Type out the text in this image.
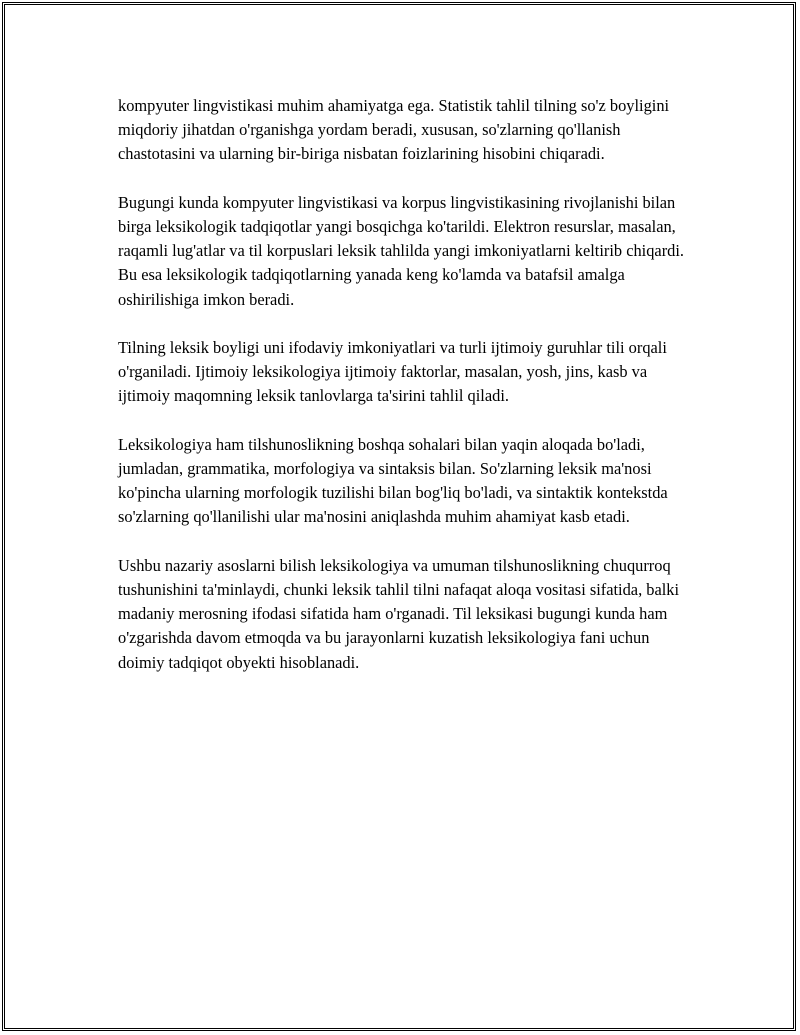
kompyuter lingvistikasi muhim ahamiyatga ega. Statistik tahlil tilning so'z boyligini miqdoriy jihatdan o'rganishga yordam beradi, xususan, so'zlarning qo'llanish chastotasini va ularning bir-biriga nisbatan foizlarining hisobini chiqaradi.

Bugungi kunda kompyuter lingvistikasi va korpus lingvistikasining rivojlanishi bilan birga leksikologik tadqiqotlar yangi bosqichga ko'tarildi. Elektron resurslar, masalan, raqamli lug'atlar va til korpuslari leksik tahlilda yangi imkoniyatlarni keltirib chiqardi. Bu esa leksikologik tadqiqotlarning yanada keng ko'lamda va batafsil amalga oshirilishiga imkon beradi.

Tilning leksik boyligi uni ifodaviy imkoniyatlari va turli ijtimoiy guruhlar tili orqali o'rganiladi. Ijtimoiy leksikologiya ijtimoiy faktorlar, masalan, yosh, jins, kasb va ijtimoiy maqomning leksik tanlovlarga ta'sirini tahlil qiladi.

Leksikologiya ham tilshunoslikning boshqa sohalari bilan yaqin aloqada bo'ladi, jumladan, grammatika, morfologiya va sintaksis bilan. So'zlarning leksik ma'nosi ko'pincha ularning morfologik tuzilishi bilan bog'liq bo'ladi, va sintaktik kontekstda so'zlarning qo'llanilishi ular ma'nosini aniqlashda muhim ahamiyat kasb etadi.

Ushbu nazariy asoslarni bilish leksikologiya va umuman tilshunoslikning chuqurroq tushunishini ta'minlaydi, chunki leksik tahlil tilni nafaqat aloqa vositasi sifatida, balki madaniy merosning ifodasi sifatida ham o'rganadi. Til leksikasi bugungi kunda ham o'zgarishda davom etmoqda va bu jarayonlarni kuzatish leksikologiya fani uchun doimiy tadqiqot obyekti hisoblanadi.
